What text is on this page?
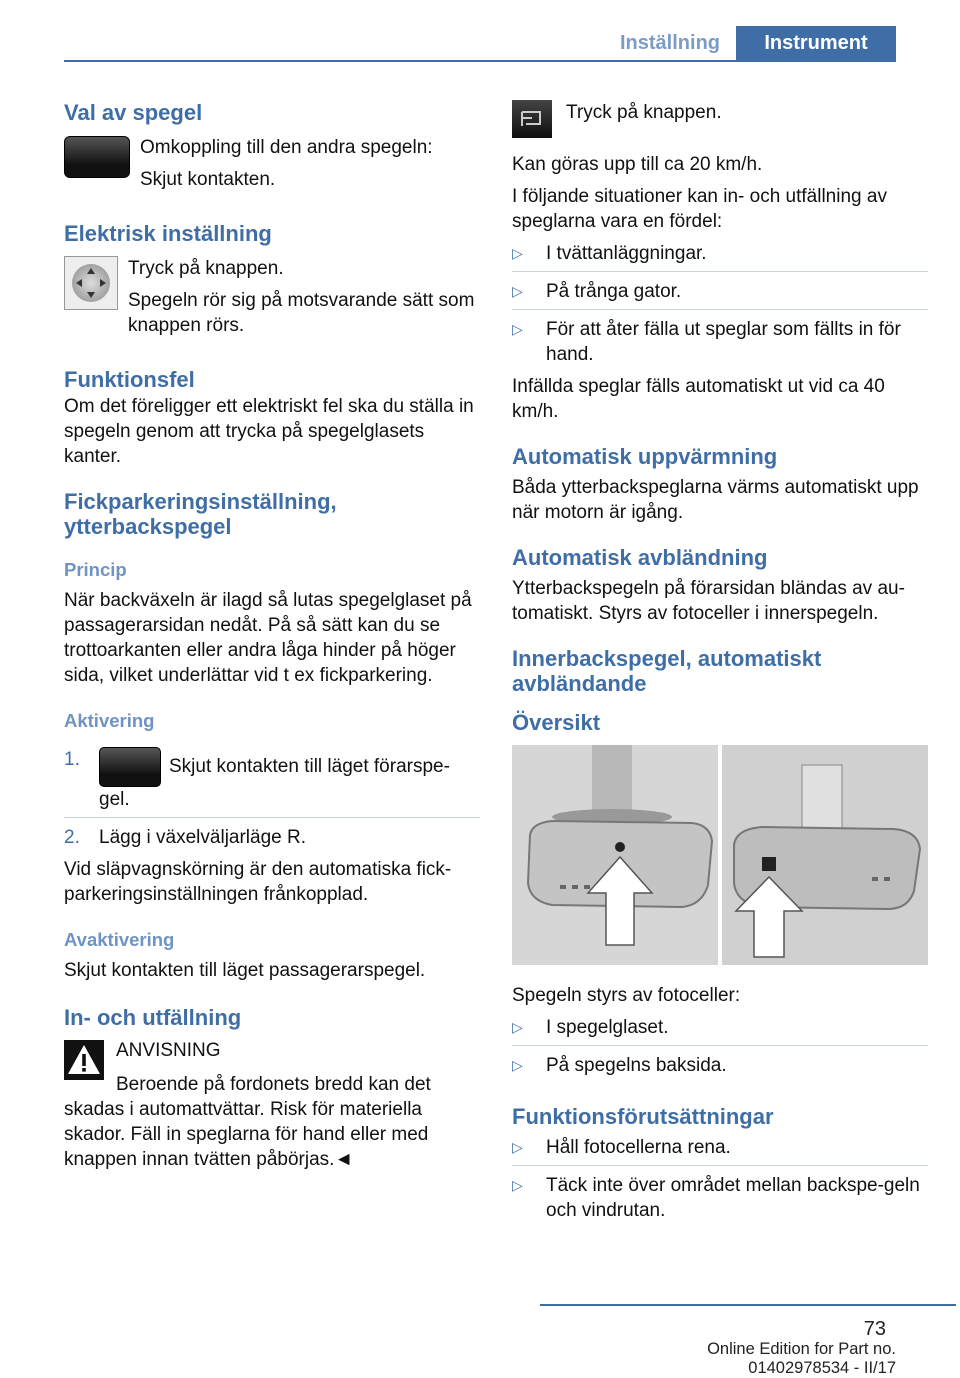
Inställning	Instrument
Val av spegel

Omkoppling till den andra spegeln:

Skjut kontakten.

Elektrisk inställning

Tryck på knappen.

Spegeln rör sig på motsvarande sätt som knappen rörs.

Funktionsfel

Om det föreligger ett elektriskt fel ska du ställa in spegeln genom att trycka på spegelglasets kanter.

Fickparkeringsinställning, ytterbackspegel
Princip

När backväxeln är ilagd så lutas spegelglaset på passagerarsidan nedåt. På så sätt kan du se trottoarkanten eller andra låga hinder på höger sida, vilket underlättar vid t ex fickparkering.

Aktivering
1.	Skjut kontakten till läget förarspe‐gel.
2.	Lägg i växelväljarläge R.

Vid släpvagnskörning är den automatiska fick‐parkeringsinställningen frånkopplad.

Avaktivering

Skjut kontakten till läget passagerarspegel.

In- och utfällning

ANVISNING

Beroende på fordonets bredd kan det skadas i automattvättar. Risk för materiella skador. Fäll in speglarna för hand eller med knappen innan tvätten påbörjas.◄

Tryck på knappen.

Kan göras upp till ca 20 km/h.

I följande situationer kan in- och utfällning av speglarna vara en fördel:

▷	I tvättanläggningar.
▷	På trånga gator.
▷	För att åter fälla ut speglar som fällts in för hand.

Infällda speglar fälls automatiskt ut vid ca 40 km/h.

Automatisk uppvärmning

Båda ytterbackspeglarna värms automatiskt upp när motorn är igång.

Automatisk avbländning

Ytterbackspegeln på förarsidan bländas av au‐tomatiskt. Styrs av fotoceller i innerspegeln.

Innerbackspegel, automatiskt avbländande
Översikt

Spegeln styrs av fotoceller:

▷	I spegelglaset.
▷	På spegelns baksida.
Funktionsförutsättningar
▷	Håll fotocellerna rena.
▷	Täck inte över området mellan backspe‐geln och vindrutan.
73
Online Edition for Part no. 01402978534 - II/17
